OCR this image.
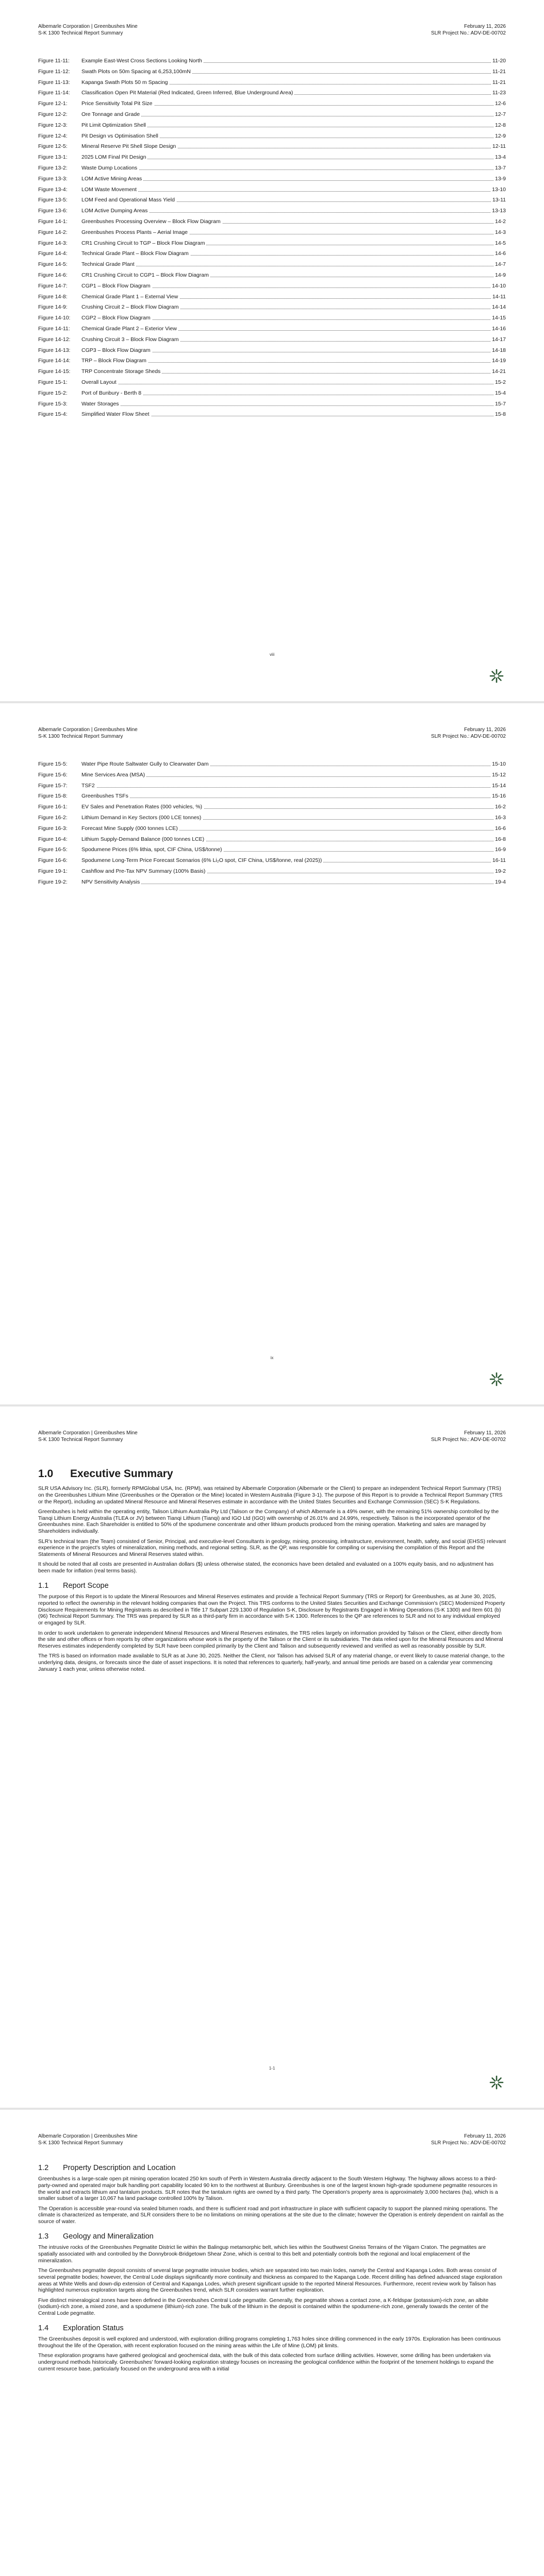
Albemarle Corporation | Greenbushes Mine
S-K 1300 Technical Report Summary
February 11, 2026
SLR Project No.: ADV-DE-00702
Figure 11-11:	Example East-West Cross Sections Looking North	11-20
Figure 11-12:	Swath Plots on 50m Spacing at 6,253,100mN	11-21
Figure 11-13:	Kapanga Swath Plots 50 m Spacing	11-21
Figure 11-14:	Classification Open Pit Material (Red Indicated, Green Inferred, Blue Underground Area)	11-23
Figure 12-1:	Price Sensitivity Total Pit Size	12-6
Figure 12-2:	Ore Tonnage and Grade	12-7
Figure 12-3:	Pit Limit Optimization Shell	12-8
Figure 12-4:	Pit Design vs Optimisation Shell	12-9
Figure 12-5:	Mineral Reserve Pit Shell Slope Design	12-11
Figure 13-1:	2025 LOM Final Pit Design	13-4
Figure 13-2:	Waste Dump Locations	13-7
Figure 13-3:	LOM Active Mining Areas	13-9
Figure 13-4:	LOM Waste Movement	13-10
Figure 13-5:	LOM Feed and Operational Mass Yield	13-11
Figure 13-6:	LOM Active Dumping Areas	13-13
Figure 14-1:	Greenbushes Processing Overview – Block Flow Diagram	14-2
Figure 14-2:	Greenbushes Process Plants – Aerial Image	14-3
Figure 14-3:	CR1 Crushing Circuit to TGP – Block Flow Diagram	14-5
Figure 14-4:	Technical Grade Plant – Block Flow Diagram	14-6
Figure 14-5:	Technical Grade Plant	14-7
Figure 14-6:	CR1 Crushing Circuit to CGP1 – Block Flow Diagram	14-9
Figure 14-7:	CGP1 – Block Flow Diagram	14-10
Figure 14-8:	Chemical Grade Plant 1 – External View	14-11
Figure 14-9:	Crushing Circuit 2 – Block Flow Diagram	14-14
Figure 14-10:	CGP2 – Block Flow Diagram	14-15
Figure 14-11:	Chemical Grade Plant 2 – Exterior View	14-16
Figure 14-12:	Crushing Circuit 3 – Block Flow Diagram	14-17
Figure 14-13:	CGP3 – Block Flow Diagram	14-18
Figure 14-14:	TRP – Block Flow Diagram	14-19
Figure 14-15:	TRP Concentrate Storage Sheds	14-21
Figure 15-1:	Overall Layout	15-2
Figure 15-2:	Port of Bunbury - Berth 8	15-4
Figure 15-3:	Water Storages	15-7
Figure 15-4:	Simplified Water Flow Sheet	15-8
viii
Albemarle Corporation | Greenbushes Mine
S-K 1300 Technical Report Summary
February 11, 2026
SLR Project No.: ADV-DE-00702
Figure 15-5:	Water Pipe Route Saltwater Gully to Clearwater Dam	15-10
Figure 15-6:	Mine Services Area (MSA)	15-12
Figure 15-7:	TSF2	15-14
Figure 15-8:	Greenbushes TSFs	15-16
Figure 16-1:	EV Sales and Penetration Rates (000 vehicles, %)	16-2
Figure 16-2:	Lithium Demand in Key Sectors (000 LCE tonnes)	16-3
Figure 16-3:	Forecast Mine Supply (000 tonnes LCE)	16-6
Figure 16-4:	Lithium Supply-Demand Balance (000 tonnes LCE)	16-8
Figure 16-5:	Spodumene Prices (6% lithia, spot, CIF China, US$/tonne)	16-9
Figure 16-6:	Spodumene Long-Term Price Forecast Scenarios (6% Li₂O spot, CIF China, US$/tonne, real (2025))	16-11
Figure 19-1:	Cashflow and Pre-Tax NPV Summary (100% Basis)	19-2
Figure 19-2:	NPV Sensitivity Analysis	19-4
ix
Albemarle Corporation | Greenbushes Mine
S-K 1300 Technical Report Summary
February 11, 2026
SLR Project No.: ADV-DE-00702
1.0	Executive Summary

SLR USA Advisory Inc. (SLR), formerly RPMGlobal USA, Inc. (RPM), was retained by Albemarle Corporation (Albemarle or the Client) to prepare an independent Technical Report Summary (TRS) on the Greenbushes Lithium Mine (Greenbushes or the Operation or the Mine) located in Western Australia (Figure 3-1). The purpose of this Report is to provide a Technical Report Summary (TRS or the Report), including an updated Mineral Resource and Mineral Reserves estimate in accordance with the United States Securities and Exchange Commission (SEC) S-K Regulations.

Greenbushes is held within the operating entity, Talison Lithium Australia Pty Ltd (Talison or the Company) of which Albemarle is a 49% owner, with the remaining 51% ownership controlled by the Tianqi Lithium Energy Australia (TLEA or JV) between Tianqi Lithium (Tianqi) and IGO Ltd (IGO) with ownership of 26.01% and 24.99%, respectively. Talison is the incorporated operator of the Greenbushes mine. Each Shareholder is entitled to 50% of the spodumene concentrate and other lithium products produced from the mining operation. Marketing and sales are managed by Shareholders individually.

SLR's technical team (the Team) consisted of Senior, Principal, and executive-level Consultants in geology, mining, processing, infrastructure, environment, health, safety, and social (EHSS) relevant experience in the project's styles of mineralization, mining methods, and regional setting. SLR, as the QP, was responsible for compiling or supervising the compilation of this Report and the Statements of Mineral Resources and Mineral Reserves stated within.

It should be noted that all costs are presented in Australian dollars ($) unless otherwise stated, the economics have been detailed and evaluated on a 100% equity basis, and no adjustment has been made for inflation (real terms basis).

1.1	Report Scope

The purpose of this Report is to update the Mineral Resources and Mineral Reserves estimates and provide a Technical Report Summary (TRS or Report) for Greenbushes, as at June 30, 2025, reported to reflect the ownership in the relevant holding companies that own the Project. This TRS conforms to the United States Securities and Exchange Commission's (SEC) Modernized Property Disclosure Requirements for Mining Registrants as described in Title 17 Subpart 229.1300 of Regulation S-K, Disclosure by Registrants Engaged in Mining Operations (S-K 1300) and Item 601 (b)(96) Technical Report Summary. The TRS was prepared by SLR as a third-party firm in accordance with S-K 1300. References to the QP are references to SLR and not to any individual employed or engaged by SLR.

In order to work undertaken to generate independent Mineral Resources and Mineral Reserves estimates, the TRS relies largely on information provided by Talison or the Client, either directly from the site and other offices or from reports by other organizations whose work is the property of the Talison or the Client or its subsidiaries. The data relied upon for the Mineral Resources and Mineral Reserves estimates independently completed by SLR have been compiled primarily by the Client and Talison and subsequently reviewed and verified as well as reasonably possible by SLR.

The TRS is based on information made available to SLR as at June 30, 2025. Neither the Client, nor Talison has advised SLR of any material change, or event likely to cause material change, to the underlying data, designs, or forecasts since the date of asset inspections. It is noted that references to quarterly, half-yearly, and annual time periods are based on a calendar year commencing January 1 each year, unless otherwise noted.

1-1
Albemarle Corporation | Greenbushes Mine
S-K 1300 Technical Report Summary
February 11, 2026
SLR Project No.: ADV-DE-00702
1.2	Property Description and Location

Greenbushes is a large-scale open pit mining operation located 250 km south of Perth in Western Australia directly adjacent to the South Western Highway. The highway allows access to a third-party-owned and operated major bulk handling port capability located 90 km to the northwest at Bunbury. Greenbushes is one of the largest known high-grade spodumene pegmatite resources in the world and extracts lithium and tantalum products. SLR notes that the tantalum rights are owned by a third party. The Operation's property area is approximately 3,000 hectares (ha), which is a smaller subset of a larger 10,067 ha land package controlled 100% by Talison.

The Operation is accessible year-round via sealed bitumen roads, and there is sufficient road and port infrastructure in place with sufficient capacity to support the planned mining operations. The climate is characterized as temperate, and SLR considers there to be no limitations on mining operations at the site due to the climate; however the Operation is entirely dependent on rainfall as the source of water.

1.3	Geology and Mineralization

The intrusive rocks of the Greenbushes Pegmatite District lie within the Balingup metamorphic belt, which lies within the Southwest Gneiss Terrains of the Yilgarn Craton. The pegmatites are spatially associated with and controlled by the Donnybrook-Bridgetown Shear Zone, which is central to this belt and potentially controls both the regional and local emplacement of the mineralization.

The Greenbushes pegmatite deposit consists of several large pegmatite intrusive bodies, which are separated into two main lodes, namely the Central and Kapanga Lodes. Both areas consist of several pegmatite bodies; however, the Central Lode displays significantly more continuity and thickness as compared to the Kapanga Lode. Recent drilling has defined advanced stage exploration areas at White Wells and down-dip extension of Central and Kapanga Lodes, which present significant upside to the reported Mineral Resources. Furthermore, recent review work by Talison has highlighted numerous exploration targets along the Greenbushes trend, which SLR considers warrant further exploration.

Five distinct mineralogical zones have been defined in the Greenbushes Central Lode pegmatite. Generally, the pegmatite shows a contact zone, a K-feldspar (potassium)-rich zone, an albite (sodium)-rich zone, a mixed zone, and a spodumene (lithium)-rich zone. The bulk of the lithium in the deposit is contained within the spodumene-rich zone, generally towards the center of the Central Lode pegmatite.

1.4	Exploration Status

The Greenbushes deposit is well explored and understood, with exploration drilling programs completing 1,763 holes since drilling commenced in the early 1970s. Exploration has been continuous throughout the life of the Operation, with recent exploration focused on the mining areas within the Life of Mine (LOM) pit limits.

These exploration programs have gathered geological and geochemical data, with the bulk of this data collected from surface drilling activities. However, some drilling has been undertaken via underground methods historically. Greenbushes' forward-looking exploration strategy focuses on increasing the geological confidence within the footprint of the tenement holdings to expand the current resource base, particularly focused on the underground area with a initial
